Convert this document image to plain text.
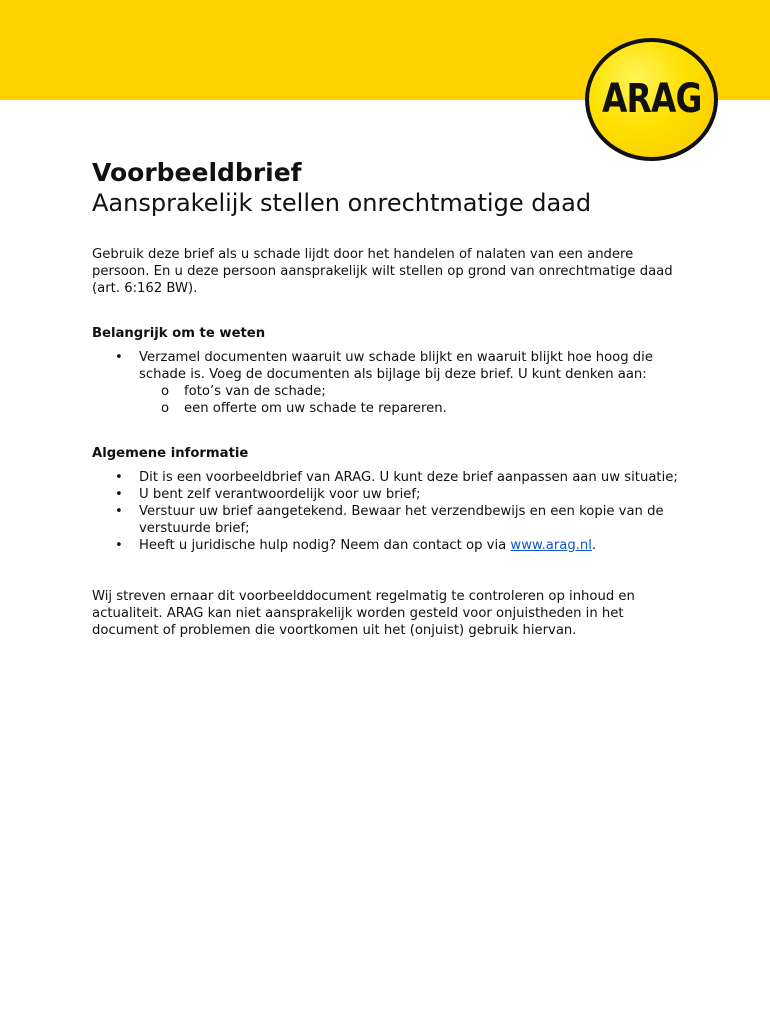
ARAG
Voorbeeldbrief
Aansprakelijk stellen onrechtmatige daad

Gebruik deze brief als u schade lijdt door het handelen of nalaten van een andere persoon. En u deze persoon aansprakelijk wilt stellen op grond van onrechtmatige daad (art. 6:162 BW).

Belangrijk om te weten
• Verzamel documenten waaruit uw schade blijkt en waaruit blijkt hoe hoog die schade is. Voeg de documenten als bijlage bij deze brief. U kunt denken aan:
o foto’s van de schade;
o een offerte om uw schade te repareren.
Algemene informatie
• Dit is een voorbeeldbrief van ARAG. U kunt deze brief aanpassen aan uw situatie;
• U bent zelf verantwoordelijk voor uw brief;
• Verstuur uw brief aangetekend. Bewaar het verzendbewijs en een kopie van de verstuurde brief;
• Heeft u juridische hulp nodig? Neem dan contact op via www.arag.nl.

Wij streven ernaar dit voorbeelddocument regelmatig te controleren op inhoud en actualiteit. ARAG kan niet aansprakelijk worden gesteld voor onjuistheden in het document of problemen die voortkomen uit het (onjuist) gebruik hiervan.
